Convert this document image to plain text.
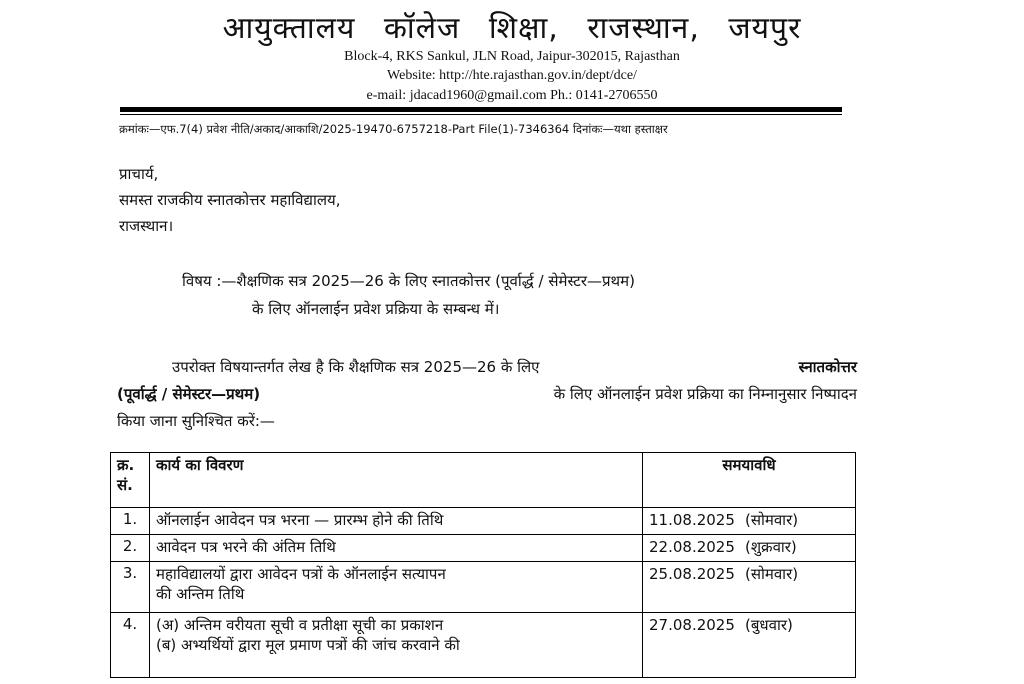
आयुक्तालय कॉलेज शिक्षा, राजस्थान, जयपुर
Block-4, RKS Sankul, JLN Road, Jaipur-302015, Rajasthan
Website: http://hte.rajasthan.gov.in/dept/dce/
e-mail: jdacad1960@gmail.com Ph.: 0141-2706550
क्रमांकः—एफ.7(4) प्रवेश नीति/अकाद/आकाशि/2025-19470-6757218-Part File(1)-7346364 दिनांकः—यथा हस्ताक्षर
प्राचार्य,
समस्त राजकीय स्नातकोत्तर महाविद्यालय,
राजस्थान।
विषय :—शैक्षणिक सत्र 2025—26 के लिए स्नातकोत्तर (पूर्वार्द्ध / सेमेस्टर—प्रथम)
के लिए ऑनलाईन प्रवेश प्रक्रिया के सम्बन्ध में।
उपरोक्त विषयान्तर्गत लेख है कि शैक्षणिक सत्र 2025—26 के लिए	स्नातकोत्तर
(पूर्वार्द्ध / सेमेस्टर—प्रथम)	के लिए ऑनलाईन प्रवेश प्रक्रिया का निम्नानुसार निष्पादन
किया जाना सुनिश्चित करें:—
क्र.
सं.	कार्य का विवरण	समयावधि
1.	ऑनलाईन आवेदन पत्र भरना — प्रारम्भ होने की तिथि	11.08.2025 (सोमवार)
2.	आवेदन पत्र भरने की अंतिम तिथि	22.08.2025 (शुक्रवार)
3.	महाविद्यालयों द्वारा आवेदन पत्रों के ऑनलाईन सत्यापन
की अन्तिम तिथि	25.08.2025 (सोमवार)
4.	(अ) अन्तिम वरीयता सूची व प्रतीक्षा सूची का प्रकाशन
(ब) अभ्यर्थियों द्वारा मूल प्रमाण पत्रों की जांच करवाने की	27.08.2025 (बुधवार)
